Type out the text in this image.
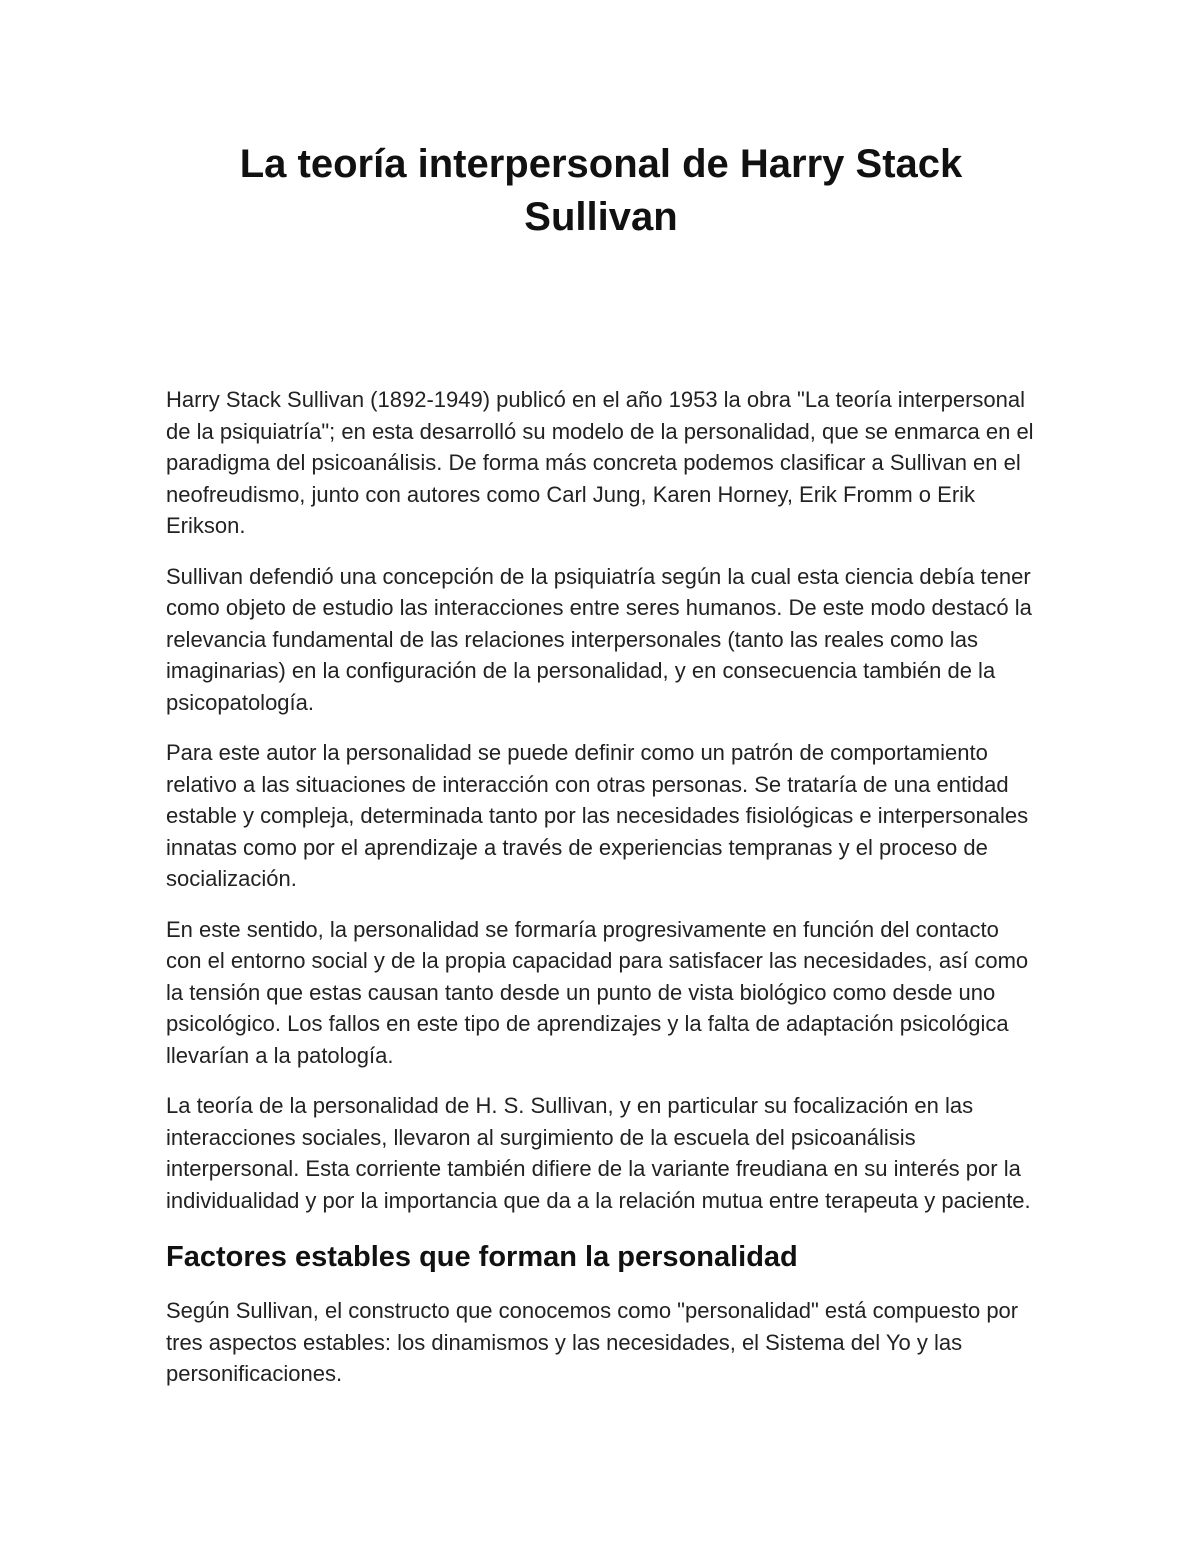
La teoría interpersonal de Harry Stack Sullivan

Harry Stack Sullivan (1892-1949) publicó en el año 1953 la obra "La teoría interpersonal de la psiquiatría"; en esta desarrolló su modelo de la personalidad, que se enmarca en el paradigma del psicoanálisis. De forma más concreta podemos clasificar a Sullivan en el neofreudismo, junto con autores como Carl Jung, Karen Horney, Erik Fromm o Erik Erikson.

Sullivan defendió una concepción de la psiquiatría según la cual esta ciencia debía tener como objeto de estudio las interacciones entre seres humanos. De este modo destacó la relevancia fundamental de las relaciones interpersonales (tanto las reales como las imaginarias) en la configuración de la personalidad, y en consecuencia también de la psicopatología.

Para este autor la personalidad se puede definir como un patrón de comportamiento relativo a las situaciones de interacción con otras personas. Se trataría de una entidad estable y compleja, determinada tanto por las necesidades fisiológicas e interpersonales innatas como por el aprendizaje a través de experiencias tempranas y el proceso de socialización.

En este sentido, la personalidad se formaría progresivamente en función del contacto con el entorno social y de la propia capacidad para satisfacer las necesidades, así como la tensión que estas causan tanto desde un punto de vista biológico como desde uno psicológico. Los fallos en este tipo de aprendizajes y la falta de adaptación psicológica llevarían a la patología.

La teoría de la personalidad de H. S. Sullivan, y en particular su focalización en las interacciones sociales, llevaron al surgimiento de la escuela del psicoanálisis interpersonal. Esta corriente también difiere de la variante freudiana en su interés por la individualidad y por la importancia que da a la relación mutua entre terapeuta y paciente.

Factores estables que forman la personalidad

Según Sullivan, el constructo que conocemos como "personalidad" está compuesto por tres aspectos estables: los dinamismos y las necesidades, el Sistema del Yo y las personificaciones.
